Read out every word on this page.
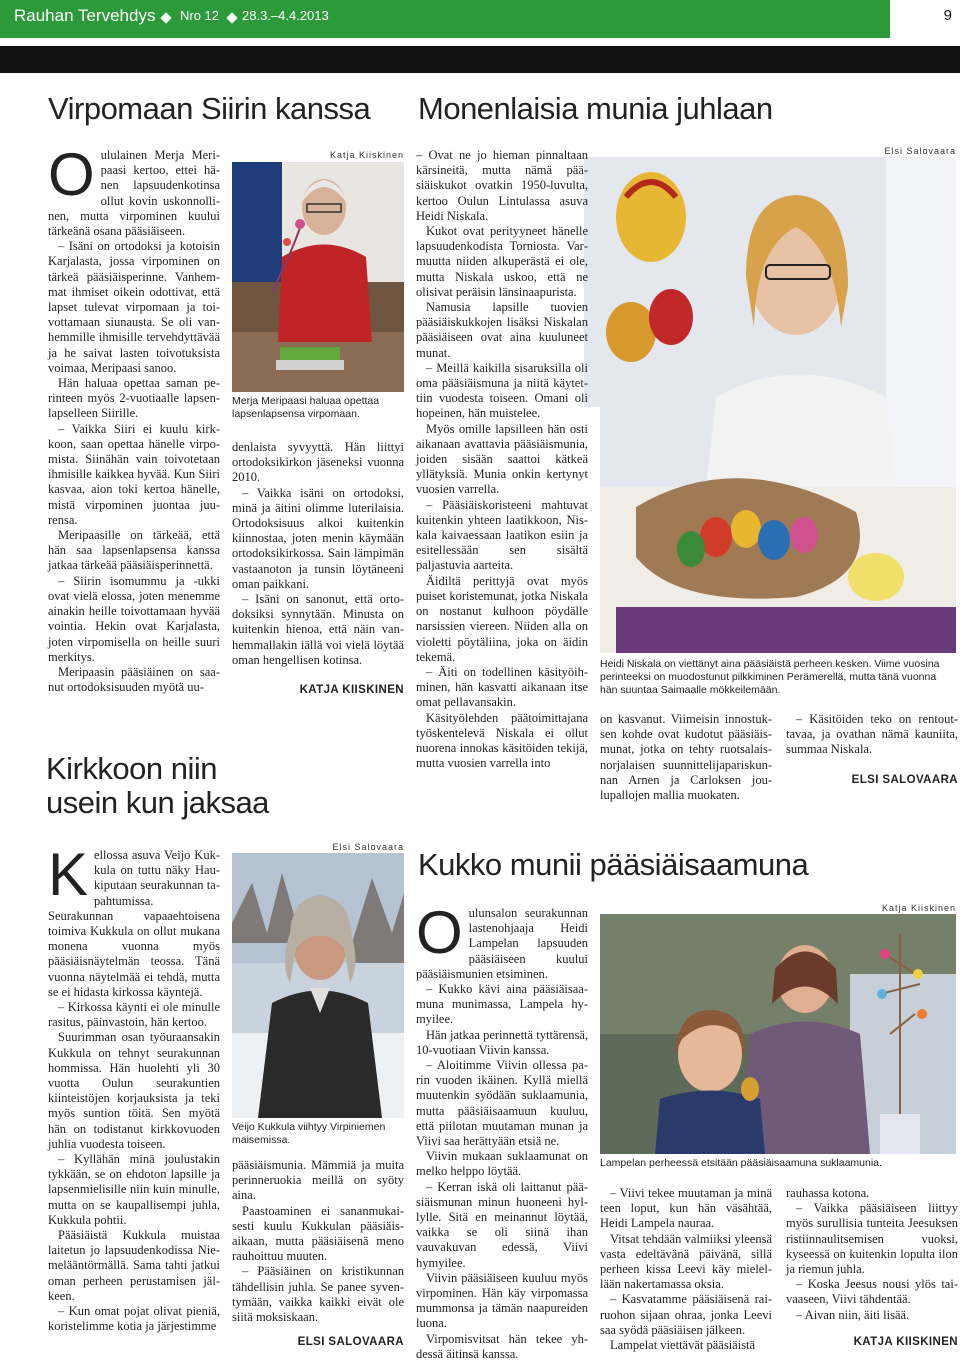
Rauhan Tervehdys Nro 12 28.3.–4.4.2013	9
Virpomaan Siirin kanssa

Oululainen Merja Meripaasi kertoo, ettei hänen lapsuudenkotinsa ollut kovin uskonnollinen, mutta virpominen kuului tärkeänä osana pääsiäiseen.

– Isäni on ortodoksi ja kotoisin Karjalasta, jossa virpominen on tärkeä pääsiäisperinne. Vanhemmat ihmiset oikein odottivat, että lapset tulevat virpomaan ja toivottamaan siunausta. Se oli vanhemmille ihmisille tervehdyttävää ja he saivat lasten toivotuksista voimaa, Meripaasi sanoo.

Hän haluaa opettaa saman perinteen myös 2-vuotiaalle lapsenlapselleen Siirille.

– Vaikka Siiri ei kuulu kirkkoon, saan opettaa hänelle virpomista. Siinähän vain toivotetaan ihmisille kaikkea hyvää. Kun Siiri kasvaa, aion toki kertoa hänelle, mistä virpominen juontaa juurensa.

Meripaasille on tärkeää, että hän saa lapsenlapsensa kanssa jatkaa tärkeää pääsiäisperinnettä.

– Siirin isomummu ja -ukki ovat vielä elossa, joten menemme ainakin heille toivottamaan hyvää vointia. Hekin ovat Karjalasta, joten virpomisella on heille suuri merkitys.

Meripaasin pääsiäinen on saanut ortodoksisuuden myötä uu-

Katja Kiiskinen
Merja Meripaasi haluaa opettaa lapsenlapsensa virpomaan.

denlaista syvyyttä. Hän liittyi ortodoksikirkon jäseneksi vuonna 2010.

– Vaikka isäni on ortodoksi, minä ja äitini olimme luterilaisia. Ortodoksisuus alkoi kuitenkin kiinnostaa, joten menin käymään ortodoksikirkossa. Sain lämpimän vastaanoton ja tunsin löytäneeni oman paikkani.

– Isäni on sanonut, että ortodoksiksi synnytään. Minusta on kuitenkin hienoa, että näin vanhemmallakin iällä voi vielä löytää oman hengellisen kotinsa.

KATJA KIISKINEN
Kirkkoon niin
usein kun jaksaa

Kellossa asuva Veijo Kukkula on tuttu näky Haukiputaan seurakunnan tapahtumissa. Seurakunnan vapaaehtoisena toimiva Kukkula on ollut mukana monena vuonna myös pääsiäisnäytelmän teossa. Tänä vuonna näytelmää ei tehdä, mutta se ei hidasta kirkossa käyntejä.

– Kirkossa käynti ei ole minulle rasitus, päinvastoin, hän kertoo.

Suurimman osan työuraansakin Kukkula on tehnyt seurakunnan hommissa. Hän huolehti yli 30 vuotta Oulun seurakuntien kiinteistöjen korjauksista ja teki myös suntion töitä. Sen myötä hän on todistanut kirkkovuoden juhlia vuodesta toiseen.

– Kyllähän minä joulustakin tykkään, se on ehdoton lapsille ja lapsenmielisille niin kuin minulle, mutta on se kaupallisempi juhla, Kukkula pohtii.

Pääsiäistä Kukkula muistaa laitetun jo lapsuudenkodissa Niemelääntörmällä. Sama tahti jatkui oman perheen perustamisen jälkeen.

– Kun omat pojat olivat pieniä, koristelimme kotia ja järjestimme

Elsi Salovaara
Veijo Kukkula viihtyy Virpiniemen maisemissa.

pääsiäismunia. Mämmiä ja muita perinneruokia meillä on syöty aina.

Paastoaminen ei sananmukaisesti kuulu Kukkulan pääsiäisaikaan, mutta pääsiäisenä meno rauhoittuu muuten.

– Pääsiäinen on kristikunnan tähdellisin juhla. Se panee syventymään, vaikka kaikki eivät ole siitä moksiskaan.

ELSI SALOVAARA
Monenlaisia munia juhlaan
Elsi Salovaara
Heidi Niskala on viettänyt aina pääsiäistä perheen kesken. Viime vuosina perinteeksi on muodostunut pilkkiminen Perämerellä, mutta tänä vuonna hän suuntaa Saimaalle mökkeilemään.

– Ovat ne jo hieman pinnaltaan kärsineitä, mutta nämä pääsiäiskukot ovatkin 1950-luvulta, kertoo Oulun Lintulassa asuva Heidi Niskala.

Kukot ovat perityyneet hänelle lapsuudenkodista Torniosta. Varmuutta niiden alkuperästä ei ole, mutta Niskala uskoo, että ne olisivat peräisin länsinaapurista.

Namusia lapsille tuovien pääsiäiskukkojen lisäksi Niskalan pääsiäiseen ovat aina kuuluneet munat.

– Meillä kaikilla sisaruksilla oli oma pääsiäismuna ja niitä käytettiin vuodesta toiseen. Omani oli hopeinen, hän muistelee.

Myös omille lapsilleen hän osti aikanaan avattavia pääsiäismunia, joiden sisään saattoi kätkeä yllätyksiä. Munia onkin kertynyt vuosien varrella.

– Pääsiäiskoristeeni mahtuvat kuitenkin yhteen laatikkoon, Niskala kaivaessaan laatikon esiin ja esitellessään sen sisältä paljastuvia aarteita.

Äidiltä perittyjä ovat myös puiset koristemunat, jotka Niskala on nostanut kulhoon pöydälle narsissien viereen. Niiden alla on violetti pöytäliina, joka on äidin tekemä.

– Äiti on todellinen käsityöihminen, hän kasvatti aikanaan itse omat pellavansakin.

Käsityölehden päätoimittajana työskentelevä Niskala ei ollut nuorena innokas käsitöiden tekijä, mutta vuosien varrella into

on kasvanut. Viimeisin innostuksen kohde ovat kudotut pääsiäismunat, jotka on tehty ruotsalaisnorjalaisen suunnittelijapariskunnan Arnen ja Carloksen joulupallojen mallia muokaten.

– Käsitöiden teko on rentouttavaa, ja ovathan nämä kauniita, summaa Niskala.

ELSI SALOVAARA
Kukko munii pääsiäisaamuna

Oulunsalon seurakunnan lastenohjaaja Heidi Lampelan lapsuuden pääsiäiseen kuului pääsiäismunien etsiminen.

– Kukko kävi aina pääsiäisaamuna munimassa, Lampela hymyilee.

Hän jatkaa perinnettä tyttärensä, 10-vuotiaan Viivin kanssa.

– Aloitimme Viivin ollessa parin vuoden ikäinen. Kyllä miellä muutenkin syödään suklaamunia, mutta pääsiäisaamuun kuuluu, että piilotan muutaman munan ja Viivi saa herättyään etsiä ne.

Viivin mukaan suklaamunat on melko helppo löytää.

– Kerran iskä oli laittanut pääsiäismunan minun huoneeni hyllylle. Sitä en meinannut löytää, vaikka se oli siinä ihan vauvakuvan edessä, Viivi hymyilee.

Viivin pääsiäiseen kuuluu myös virpominen. Hän käy virpomassa mummonsa ja tämän naapureiden luona.

Virpomisvitsat hän tekee yhdessä äitinsä kanssa.

Katja Kiiskinen
Lampelan perheessä etsitään pääsiäisaamuna suklaamunia.

– Viivi tekee muutaman ja minä teen loput, kun hän väsähtää, Heidi Lampela nauraa.

Vitsat tehdään valmiiksi yleensä vasta edeltävänä päivänä, sillä perheen kissa Leevi käy mielellään nakertamassa oksia.

– Kasvatamme pääsiäisenä rairuohon sijaan ohraa, jonka Leevi saa syödä pääsiäisen jälkeen.

Lampelat viettävät pääsiäistä

rauhassa kotona.

– Vaikka pääsiäiseen liittyy myös surullisia tunteita Jeesuksen ristiinnaulitsemisen vuoksi, kyseessä on kuitenkin lopulta ilon ja riemun juhla.

– Koska Jeesus nousi ylös taivaaseen, Viivi tähdentää.

– Aivan niin, äiti lisää.

KATJA KIISKINEN
